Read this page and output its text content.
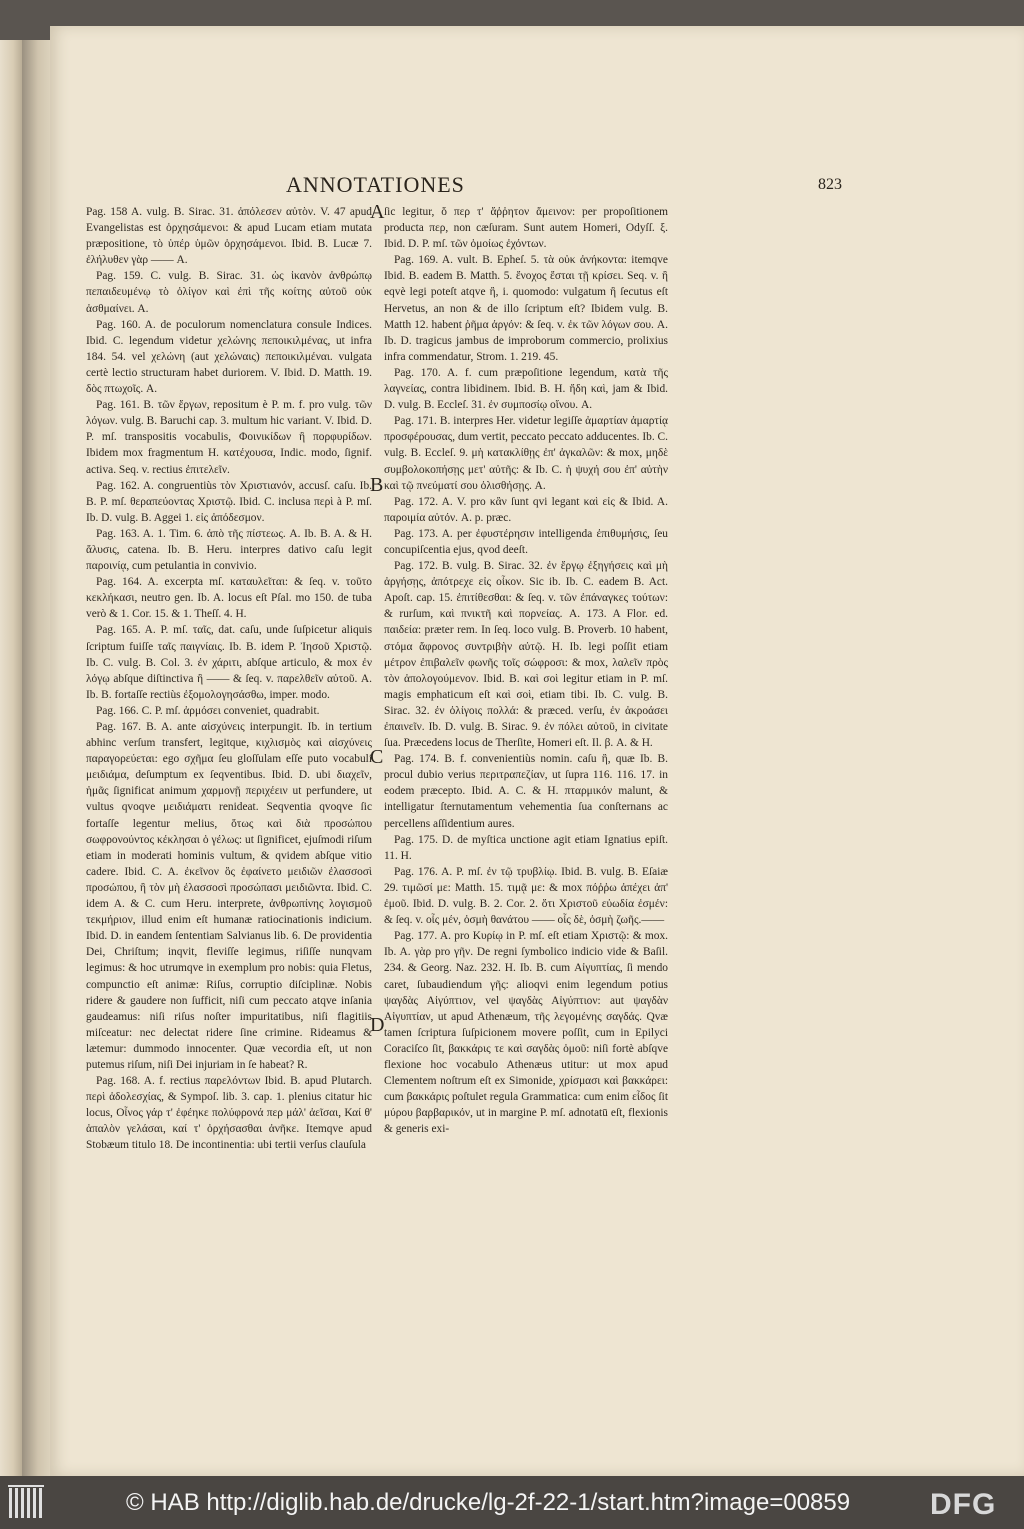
ANNOTATIONES	823
A
B
C
D

Pag. 158 A. vulg. B. Sirac. 31. ἀπόλεσεν αὐτὸν. V. 47 apud Evangelistas est ὀρχησάμενοι: & apud Lucam etiam mutata præpositione, τὸ ὑπέρ ὑμῶν ὀρχησάμενοι. Ibid. B. Lucæ 7. ἐλήλυθεν γὰρ —— A.

Pag. 159. C. vulg. B. Sirac. 31. ὡς ἱκανὸν ἀνθρώπῳ πεπαιδευμένῳ τὸ ὀλίγον καὶ ἐπὶ τῆς κοίτης αὐτοῦ οὐκ ἀσθμαίνει. A.

Pag. 160. A. de poculorum nomenclatura consule Indices. Ibid. C. legendum videtur χελώνης πεποικιλμένας, ut infra 184. 54. vel χελώνη (aut χελώναις) πεποικιλμέναι. vulgata certè lectio structuram habet duriorem. V. Ibid. D. Matth. 19. δὸς πτωχοῖς. A.

Pag. 161. B. τῶν ἔργων, repositum è P. m. f. pro vulg. τῶν λόγων. vulg. B. Baruchi cap. 3. multum hic variant. V. Ibid. D. P. mſ. transpositis vocabulis, Φοινικίδων ἢ πορφυρίδων. Ibidem mox fragmentum H. κατέχουσα, Indic. modo, ſignif. activa. Seq. v. rectius ἐπιτελεῖν.

Pag. 162. A. congruentiùs τὸν Χριστιανόν, accusſ. caſu. Ib. B. P. mſ. θεραπεύοντας Χριστῷ. Ibid. C. inclusa περὶ à P. mſ. Ib. D. vulg. B. Aggei 1. εἰς ἀπόδεσμον.

Pag. 163. A. 1. Tim. 6. ἀπὸ τῆς πίστεως. A. Ib. B. A. & H. ἅλυσις, catena. Ib. B. Heru. interpres dativo caſu legit παροινίᾳ, cum petulantia in convivio.

Pag. 164. A. excerpta mſ. καταυλεῖται: & ſeq. v. τοῦτο κεκλήκασι, neutro gen. Ib. A. locus eſt Pſal. mo 150. de tuba verò & 1. Cor. 15. & 1. Theſſ. 4. H.

Pag. 165. A. P. mſ. ταῖς, dat. caſu, unde ſuſpicetur aliquis ſcriptum fuiſſe ταῖς παιγνίαις. Ib. B. idem P. Ἰησοῦ Χριστῷ. Ib. C. vulg. B. Col. 3. ἐν χάριτι, abſque articulo, & mox ἐν λόγῳ abſque diſtinctiva ἢ —— & ſeq. v. παρελθεῖν αὐτοῦ. A. Ib. B. fortaſſe rectiùs ἐξομολογησάσθω, imper. modo.

Pag. 166. C. P. mſ. ἁρμόσει conveniet, quadrabit.

Pag. 167. B. A. ante αἰσχύνεις interpungit. Ib. in tertium abhinc verſum transfert, legitque, κιχλισμὸς καὶ αἰσχύνεις παραγορεύεται: ego σχῆμα ſeu gloſſulam eſſe puto vocabuli μειδιάμα, deſumptum ex ſeqventibus. Ibid. D. ubi διαχεῖν, ἡμᾶς ſignificat animum χαρμονῇ περιχέειν ut perfundere, ut vultus qvoqve μειδιάματι renideat. Seqventia qvoqve ſic fortaſſe legentur melius, ὅτως καὶ διὰ προσώπου σωφρονούντος κέκλησαι ὁ γέλως: ut ſignificet, ejuſmodi riſum etiam in moderati hominis vultum, & qvidem abſque vitio cadere. Ibid. C. A. ἐκεῖνον ὃς ἐφαίνετο μειδιῶν ἐλασσοσὶ προσώπου, ἢ τὸν μὴ ἐλασσοσὶ προσώπασι μειδιῶντα. Ibid. C. idem A. & C. cum Heru. interprete, ἀνθρωπίνης λογισμοῦ τεκμήριον, illud enim eſt humanæ ratiocinationis indicium. Ibid. D. in eandem ſententiam Salvianus lib. 6. De providentia Dei, Chriſtum; inqvit, fleviſſe legimus, riſiſſe nunqvam legimus: & hoc utrumqve in exemplum pro nobis: quia Fletus, compunctio eſt animæ: Riſus, corruptio diſciplinæ. Nobis ridere & gaudere non ſufficit, niſi cum peccato atqve inſania gaudeamus: niſi riſus noſter impuritatibus, niſi flagitiis miſceatur: nec delectat ridere ſine crimine. Rideamus & lætemur: dummodo innocenter. Quæ vecordia eſt, ut non putemus riſum, niſi Dei injuriam in ſe habeat? R.

Pag. 168. A. f. rectius παρελόντων Ibid. B. apud Plutarch. περὶ ἀδολεσχίας, & Sympoſ. lib. 3. cap. 1. plenius citatur hic locus, Οἶνος γάρ τ' ἐφέηκε πολύφρονά περ μάλ' ἀεῖσαι, Καί θ' ἁπαλὸν γελάσαι, καί τ' ὀρχήσασθαι ἀνῆκε. Itemqve apud Stobæum titulo 18. De incontinentia: ubi tertii verſus clauſula

ſic legitur, ὅ περ τ' ἄῤῥητον ἄμεινον: per propoſitionem producta περ, non cæſuram. Sunt autem Homeri, Odyſſ. ξ. Ibid. D. P. mſ. τῶν ὁμοίως ἐχόντων.

Pag. 169. A. vult. B. Epheſ. 5. τὰ οὐκ ἀνήκοντα: itemqve Ibid. B. eadem B. Matth. 5. ἔνοχος ἔσται τῇ κρίσει. Seq. v. ἢ eqvè legi poteſt atqve ἢ, i. quomodo: vulgatum ἢ ſecutus eſt Hervetus, an non & de illo ſcriptum eſt? Ibidem vulg. B. Matth 12. habent ῥῆμα ἀργόν: & ſeq. v. ἐκ τῶν λόγων σου. A. Ib. D. tragicus jambus de improborum commercio, prolixius infra commendatur, Strom. 1. 219. 45.

Pag. 170. A. f. cum præpoſitione legendum, κατὰ τῆς λαγνείας, contra libidinem. Ibid. B. H. ἤδη καὶ, jam & Ibid. D. vulg. B. Eccleſ. 31. ἐν συμποσίῳ οἴνου. A.

Pag. 171. B. interpres Her. videtur legiſſe ἁμαρτίαν ἁμαρτίᾳ προσφέρουσας, dum vertit, peccato peccato adducentes. Ib. C. vulg. B. Eccleſ. 9. μὴ κατακλίθῃς ἐπ' ἀγκαλῶν: & mox, μηδὲ συμβολοκοπήσῃς μετ' αὐτῆς: & Ib. C. ἡ ψυχή σου ἐπ' αὐτὴν καὶ τῷ πνεύματί σου ὀλισθήσῃς. A.

Pag. 172. A. V. pro κἂν ſunt qvi legant καὶ εἰς & Ibid. A. παροιμία αὐτόν. A. p. præc.

Pag. 173. A. per ἐφυστέρησιν intelligenda ἐπιθυμήσις, ſeu concupiſcentia ejus, qvod deeſt.

Pag. 172. B. vulg. B. Sirac. 32. ἐν ἔργῳ ἐξηγήσεις καὶ μὴ ἀργήσῃς, ἀπότρεχε εἰς οἶκον. Sic ib. Ib. C. eadem B. Act. Apoſt. cap. 15. ἐπιτίθεσθαι: & ſeq. v. τῶν ἐπάναγκες τούτων: & rurſum, καὶ πνικτῆ καὶ πορνείας. A. 173. A Flor. ed. παιδεία: præter rem. In ſeq. loco vulg. B. Proverb. 10 habent, στόμα ἄφρονος συντριβὴν αὐτῷ. H. Ib. legi poſſit etiam μέτρον ἐπιβαλεῖν φωνῆς τοῖς σώφροσι: & mox, λαλεῖν πρὸς τὸν ἀπολογούμενον. Ibid. B. καὶ σοὶ legitur etiam in P. mſ. magis emphaticum eſt καὶ σοὶ, etiam tibi. Ib. C. vulg. B. Sirac. 32. ἐν ὀλίγοις πολλά: & præced. verſu, ἐν ἀκροάσει ἐπαινεῖν. Ib. D. vulg. B. Sirac. 9. ἐν πόλει αὐτοῦ, in civitate ſua. Præcedens locus de Therſite, Homeri eſt. Il. β. A. & H.

Pag. 174. B. f. convenientiùs nomin. caſu ἣ, quæ Ib. B. procul dubio verius περιτραπεζίαν, ut ſupra 116. 116. 17. in eodem præcepto. Ibid. A. C. & H. πταρμικόν malunt, & intelligatur ſternutamentum vehementia ſua conſternans ac percellens aſſidentium aures.

Pag. 175. D. de myſtica unctione agit etiam Ignatius epiſt. 11. H.

Pag. 176. A. P. mſ. ἐν τῷ τρυβλίῳ. Ibid. B. vulg. B. Eſaiæ 29. τιμῶσί με: Matth. 15. τιμᾷ με: & mox πόῤῥω ἀπέχει ἀπ' ἐμοῦ. Ibid. D. vulg. B. 2. Cor. 2. ὅτι Χριστοῦ εὐωδία ἐσμέν: & ſeq. v. οἷς μέν, ὀσμὴ θανάτου —— οἷς δὲ, ὀσμὴ ζωῆς.——

Pag. 177. A. pro Κυρίῳ in P. mſ. eſt etiam Χριστῷ: & mox. Ib. A. γὰρ pro γῆν. De regni ſymbolico indicio vide & Baſil. 234. & Georg. Naz. 232. H. Ib. B. cum Αἰγυπτίας, ſi mendo caret, ſubaudiendum γῆς: alioqvi enim legendum potius ψαγδὰς Αἰγύπτιον, vel ψαγδὰς Αἰγύπτιον: aut ψαγδὰν Αἰγυπτίαν, ut apud Athenæum, τῆς λεγομένης σαγδάς. Qvæ tamen ſcriptura ſuſpicionem movere poſſit, cum in Epilyci Coraciſco ſit, βακκάρις τε καὶ σαγδὰς ὁμοῦ: niſi fortè abſqve flexione hoc vocabulo Athenæus utitur: ut mox apud Clementem noſtrum eſt ex Simonide, χρίσμασι καὶ βακκάρει: cum βακκάρις poſtulet regula Grammatica: cum enim εἶδος ſit μύρου βαρβαρικόν, ut in margine P. mſ. adnotatū eſt, flexionis & generis exi-

© HAB http://diglib.hab.de/drucke/lg-2f-22-1/start.htm?image=00859	DFG
